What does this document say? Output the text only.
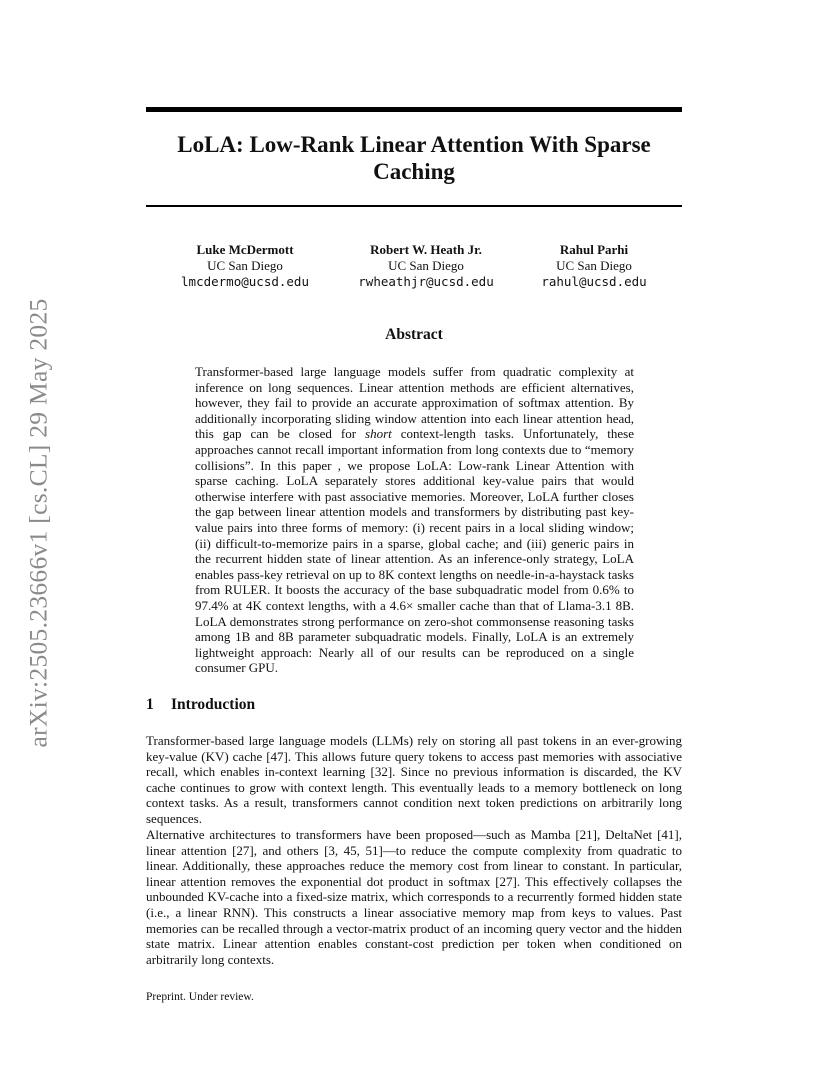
arXiv:2505.23666v1 [cs.CL] 29 May 2025
LoLA: Low-Rank Linear Attention With Sparse Caching
Luke McDermott
UC San Diego
lmcdermo@ucsd.edu
Robert W. Heath Jr.
UC San Diego
rwheathjr@ucsd.edu
Rahul Parhi
UC San Diego
rahul@ucsd.edu
Abstract
Transformer-based large language models suffer from quadratic complexity at inference on long sequences. Linear attention methods are efficient alternatives, however, they fail to provide an accurate approximation of softmax attention. By additionally incorporating sliding window attention into each linear attention head, this gap can be closed for short context-length tasks. Unfortunately, these approaches cannot recall important information from long contexts due to “memory collisions”. In this paper , we propose LoLA: Low-rank Linear Attention with sparse caching. LoLA separately stores additional key-value pairs that would otherwise interfere with past associative memories. Moreover, LoLA further closes the gap between linear attention models and transformers by distributing past key-value pairs into three forms of memory: (i) recent pairs in a local sliding window; (ii) difficult-to-memorize pairs in a sparse, global cache; and (iii) generic pairs in the recurrent hidden state of linear attention. As an inference-only strategy, LoLA enables pass-key retrieval on up to 8K context lengths on needle-in-a-haystack tasks from RULER. It boosts the accuracy of the base subquadratic model from 0.6% to 97.4% at 4K context lengths, with a 4.6× smaller cache than that of Llama-3.1 8B. LoLA demonstrates strong performance on zero-shot commonsense reasoning tasks among 1B and 8B parameter subquadratic models. Finally, LoLA is an extremely lightweight approach: Nearly all of our results can be reproduced on a single consumer GPU.
1 Introduction

Transformer-based large language models (LLMs) rely on storing all past tokens in an ever-growing key-value (KV) cache [47]. This allows future query tokens to access past memories with associative recall, which enables in-context learning [32]. Since no previous information is discarded, the KV cache continues to grow with context length. This eventually leads to a memory bottleneck on long context tasks. As a result, transformers cannot condition next token predictions on arbitrarily long sequences.

Alternative architectures to transformers have been proposed—such as Mamba [21], DeltaNet [41], linear attention [27], and others [3, 45, 51]—to reduce the compute complexity from quadratic to linear. Additionally, these approaches reduce the memory cost from linear to constant. In particular, linear attention removes the exponential dot product in softmax [27]. This effectively collapses the unbounded KV-cache into a fixed-size matrix, which corresponds to a recurrently formed hidden state (i.e., a linear RNN). This constructs a linear associative memory map from keys to values. Past memories can be recalled through a vector-matrix product of an incoming query vector and the hidden state matrix. Linear attention enables constant-cost prediction per token when conditioned on arbitrarily long contexts.

Preprint. Under review.
